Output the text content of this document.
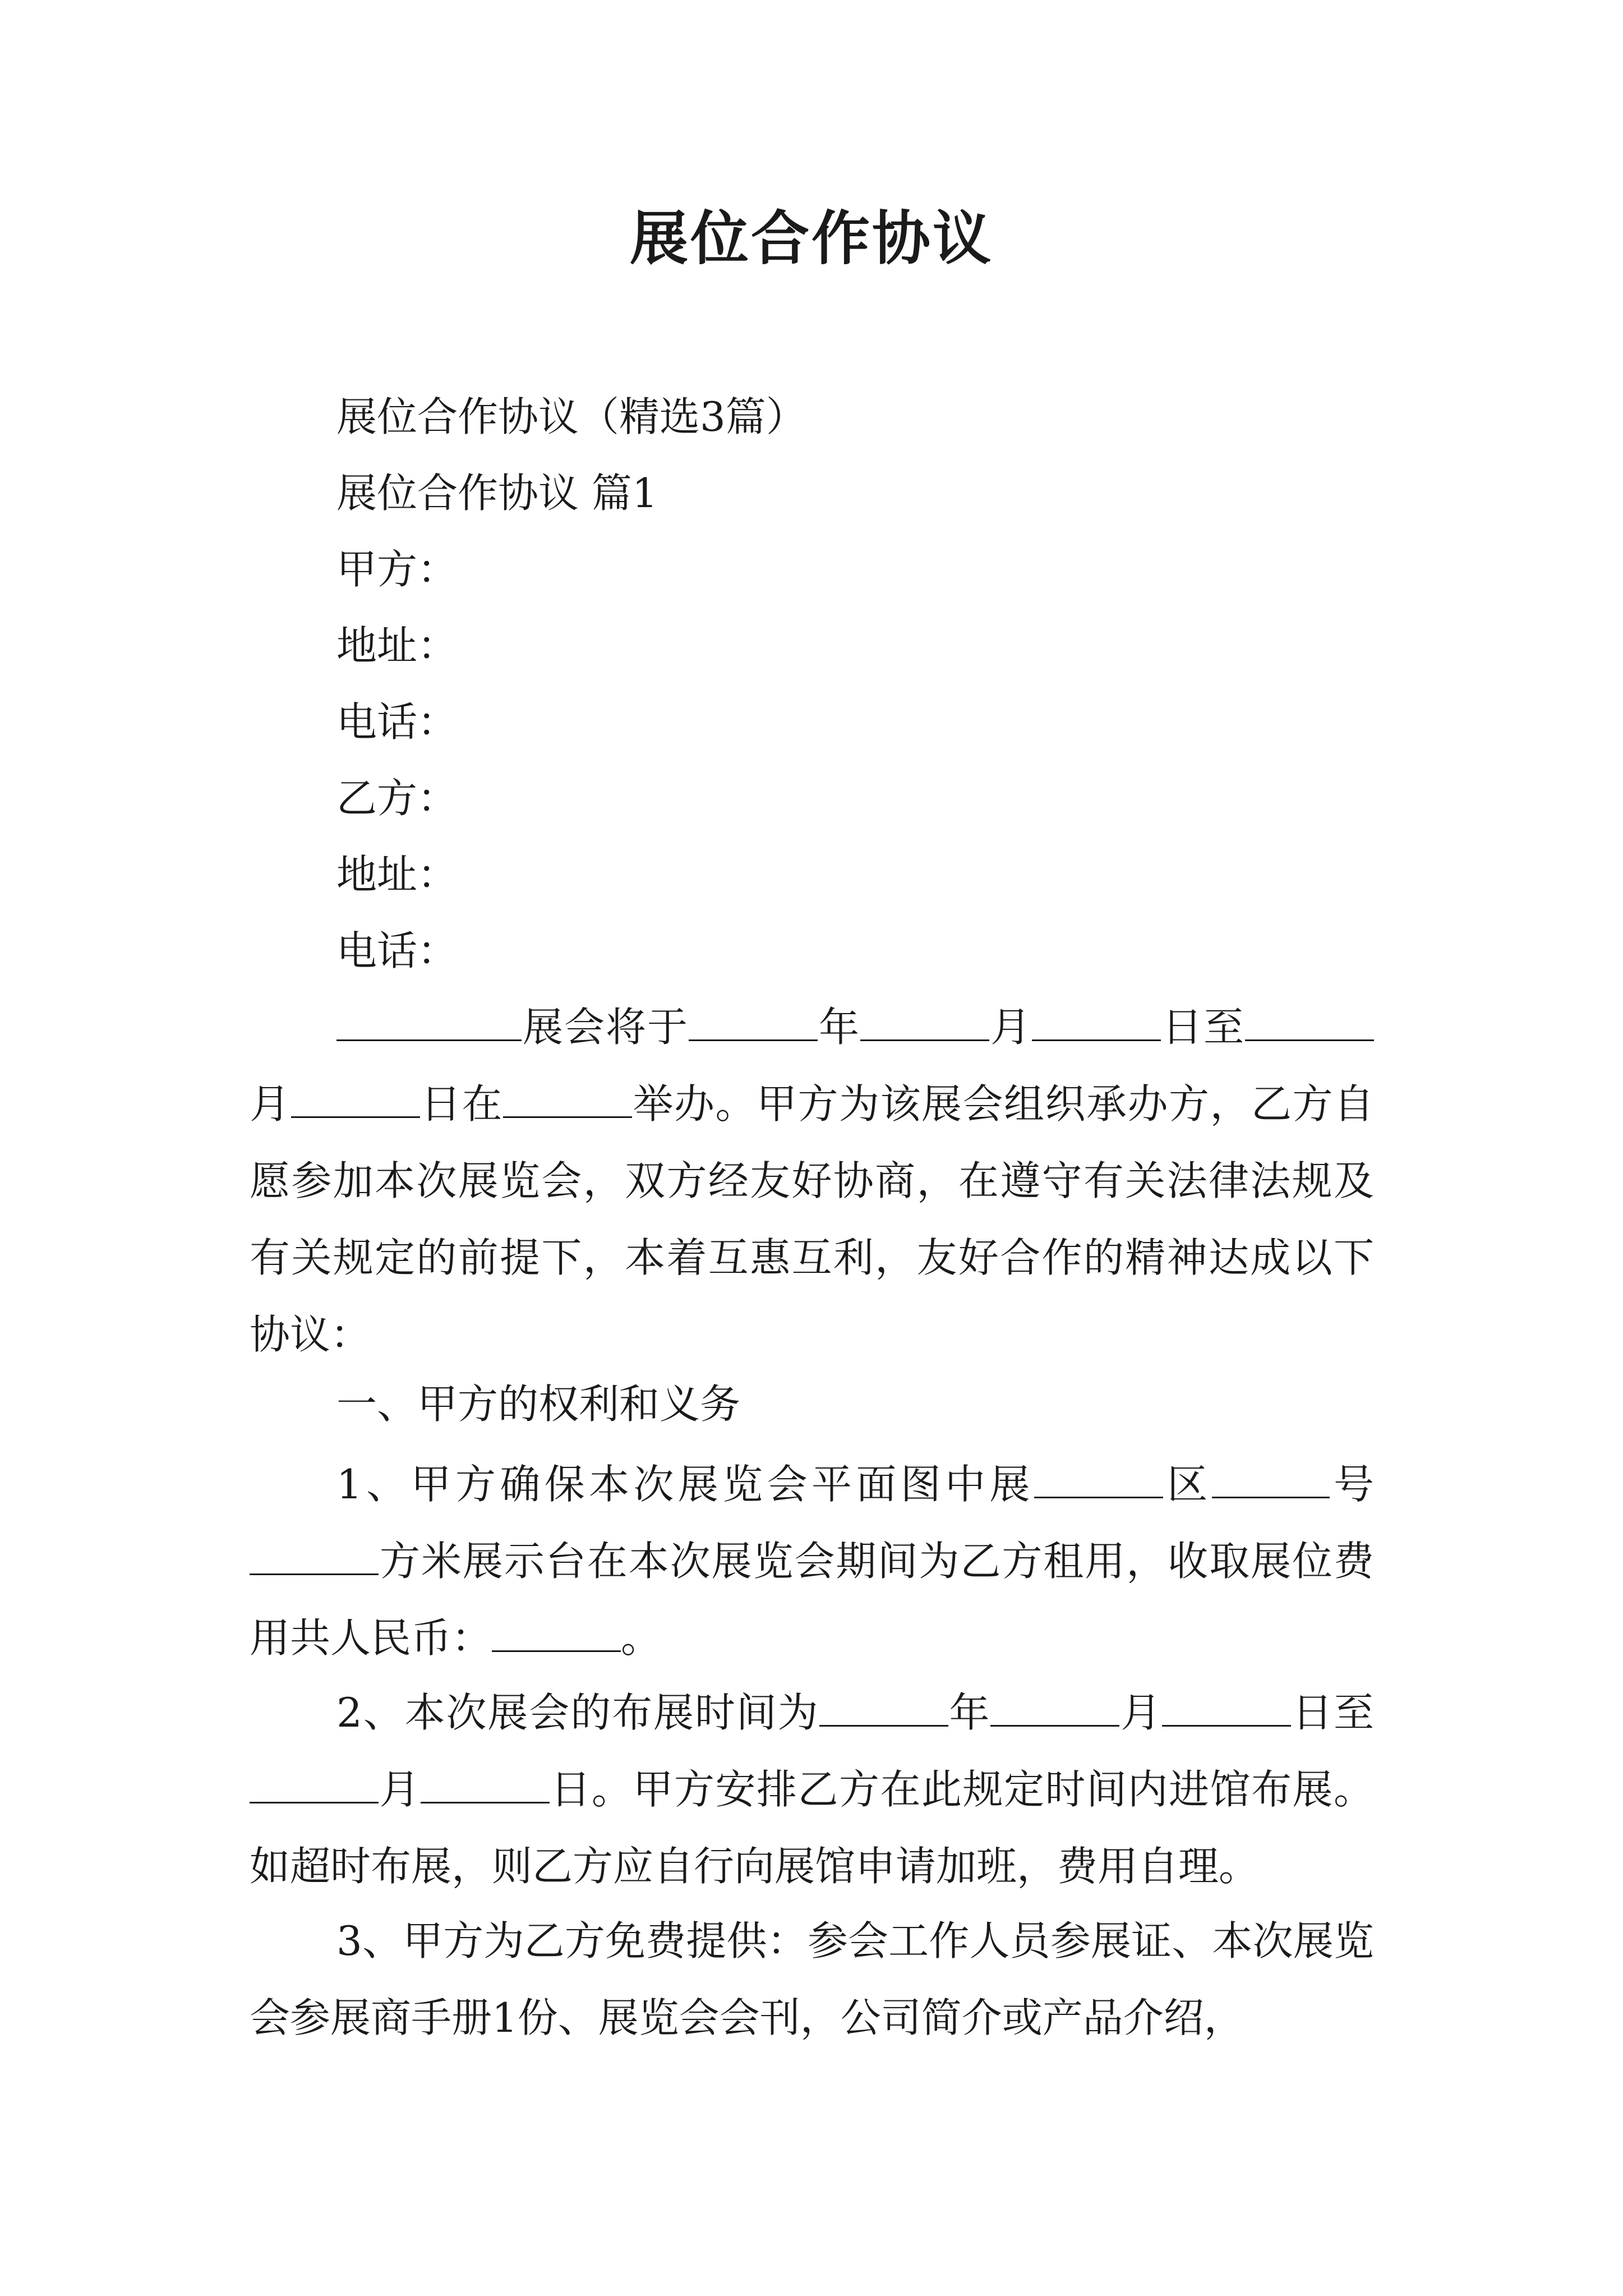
展位合作协议
展位合作协议（精选3篇）
展位合作协议 篇1
甲方：
地址：
电话：
乙方：
地址：
电话：
展会将于	年	月	日至月	日在	举办。甲方为该展会组织承办方，乙方自愿参加本次展览会，双方经友好协商，在遵守有关法律法规及有关规定的前提下，本着互惠互利，友好合作的精神达成以下协议：
一、甲方的权利和义务
1、甲方确保本次展览会平面图中展	区	号方米展示台在本次展览会期间为乙方租用，收取展位费用共人民币：	。
2、本次展会的布展时间为	年	月	日至月	日。甲方安排乙方在此规定时间内进馆布展。如超时布展，则乙方应自行向展馆申请加班，费用自理。
3、甲方为乙方免费提供：参会工作人员参展证、本次展览会参展商手册1份、展览会会刊，公司简介或产品介绍，
